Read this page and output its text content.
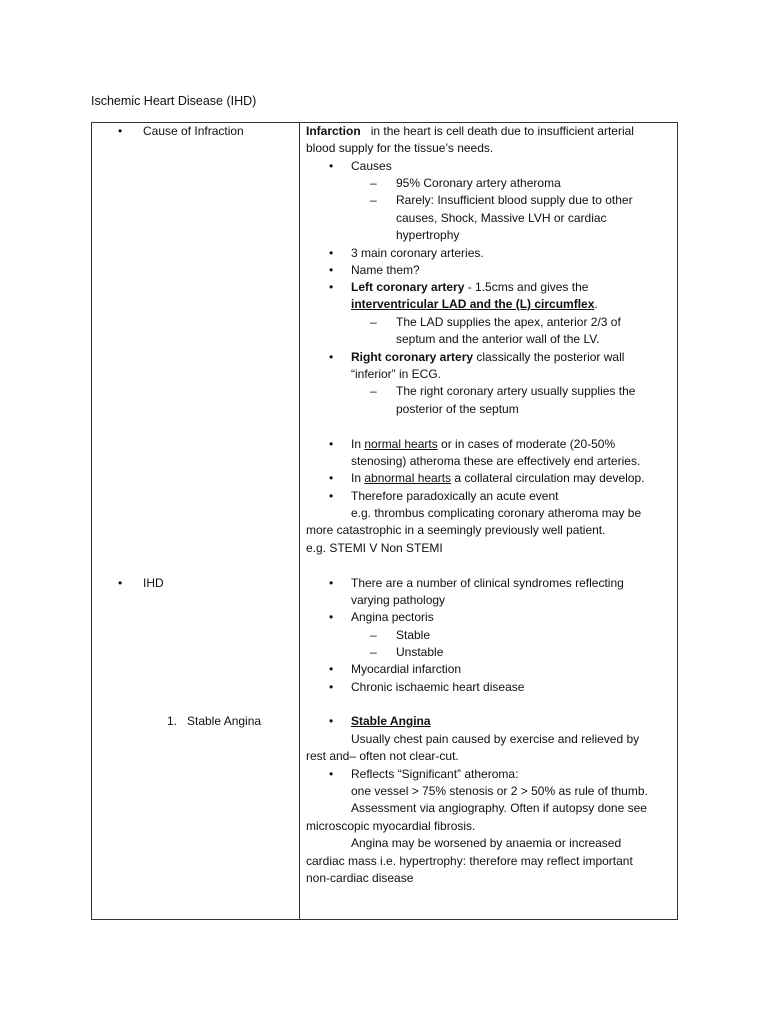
Ischemic Heart Disease (IHD)
• Cause of Infraction
• IHD
1. Stable Angina
Infarction in the heart is cell death due to insufficient arterial
blood supply for the tissue’s needs.
• Causes
– 95% Coronary artery atheroma
– Rarely: Insufficient blood supply due to other
causes, Shock, Massive LVH or cardiac
hypertrophy
• 3 main coronary arteries.
• Name them?
• Left coronary artery - 1.5cms and gives the
interventricular LAD and the (L) circumflex.
– The LAD supplies the apex, anterior 2/3 of
septum and the anterior wall of the LV.
• Right coronary artery classically the posterior wall
“inferior” in ECG.
– The right coronary artery usually supplies the
posterior of the septum
• In normal hearts or in cases of moderate (20-50%
stenosing) atheroma these are effectively end arteries.
• In abnormal hearts a collateral circulation may develop.
• Therefore paradoxically an acute event
e.g. thrombus complicating coronary atheroma may be
more catastrophic in a seemingly previously well patient.
e.g. STEMI V Non STEMI
• There are a number of clinical syndromes reflecting
varying pathology
• Angina pectoris
– Stable
– Unstable
• Myocardial infarction
• Chronic ischaemic heart disease
• Stable Angina
Usually chest pain caused by exercise and relieved by
rest and– often not clear-cut.
• Reflects “Significant” atheroma:
one vessel > 75% stenosis or 2 > 50% as rule of thumb.
Assessment via angiography. Often if autopsy done see
microscopic myocardial fibrosis.
Angina may be worsened by anaemia or increased
cardiac mass i.e. hypertrophy: therefore may reflect important
non-cardiac disease
